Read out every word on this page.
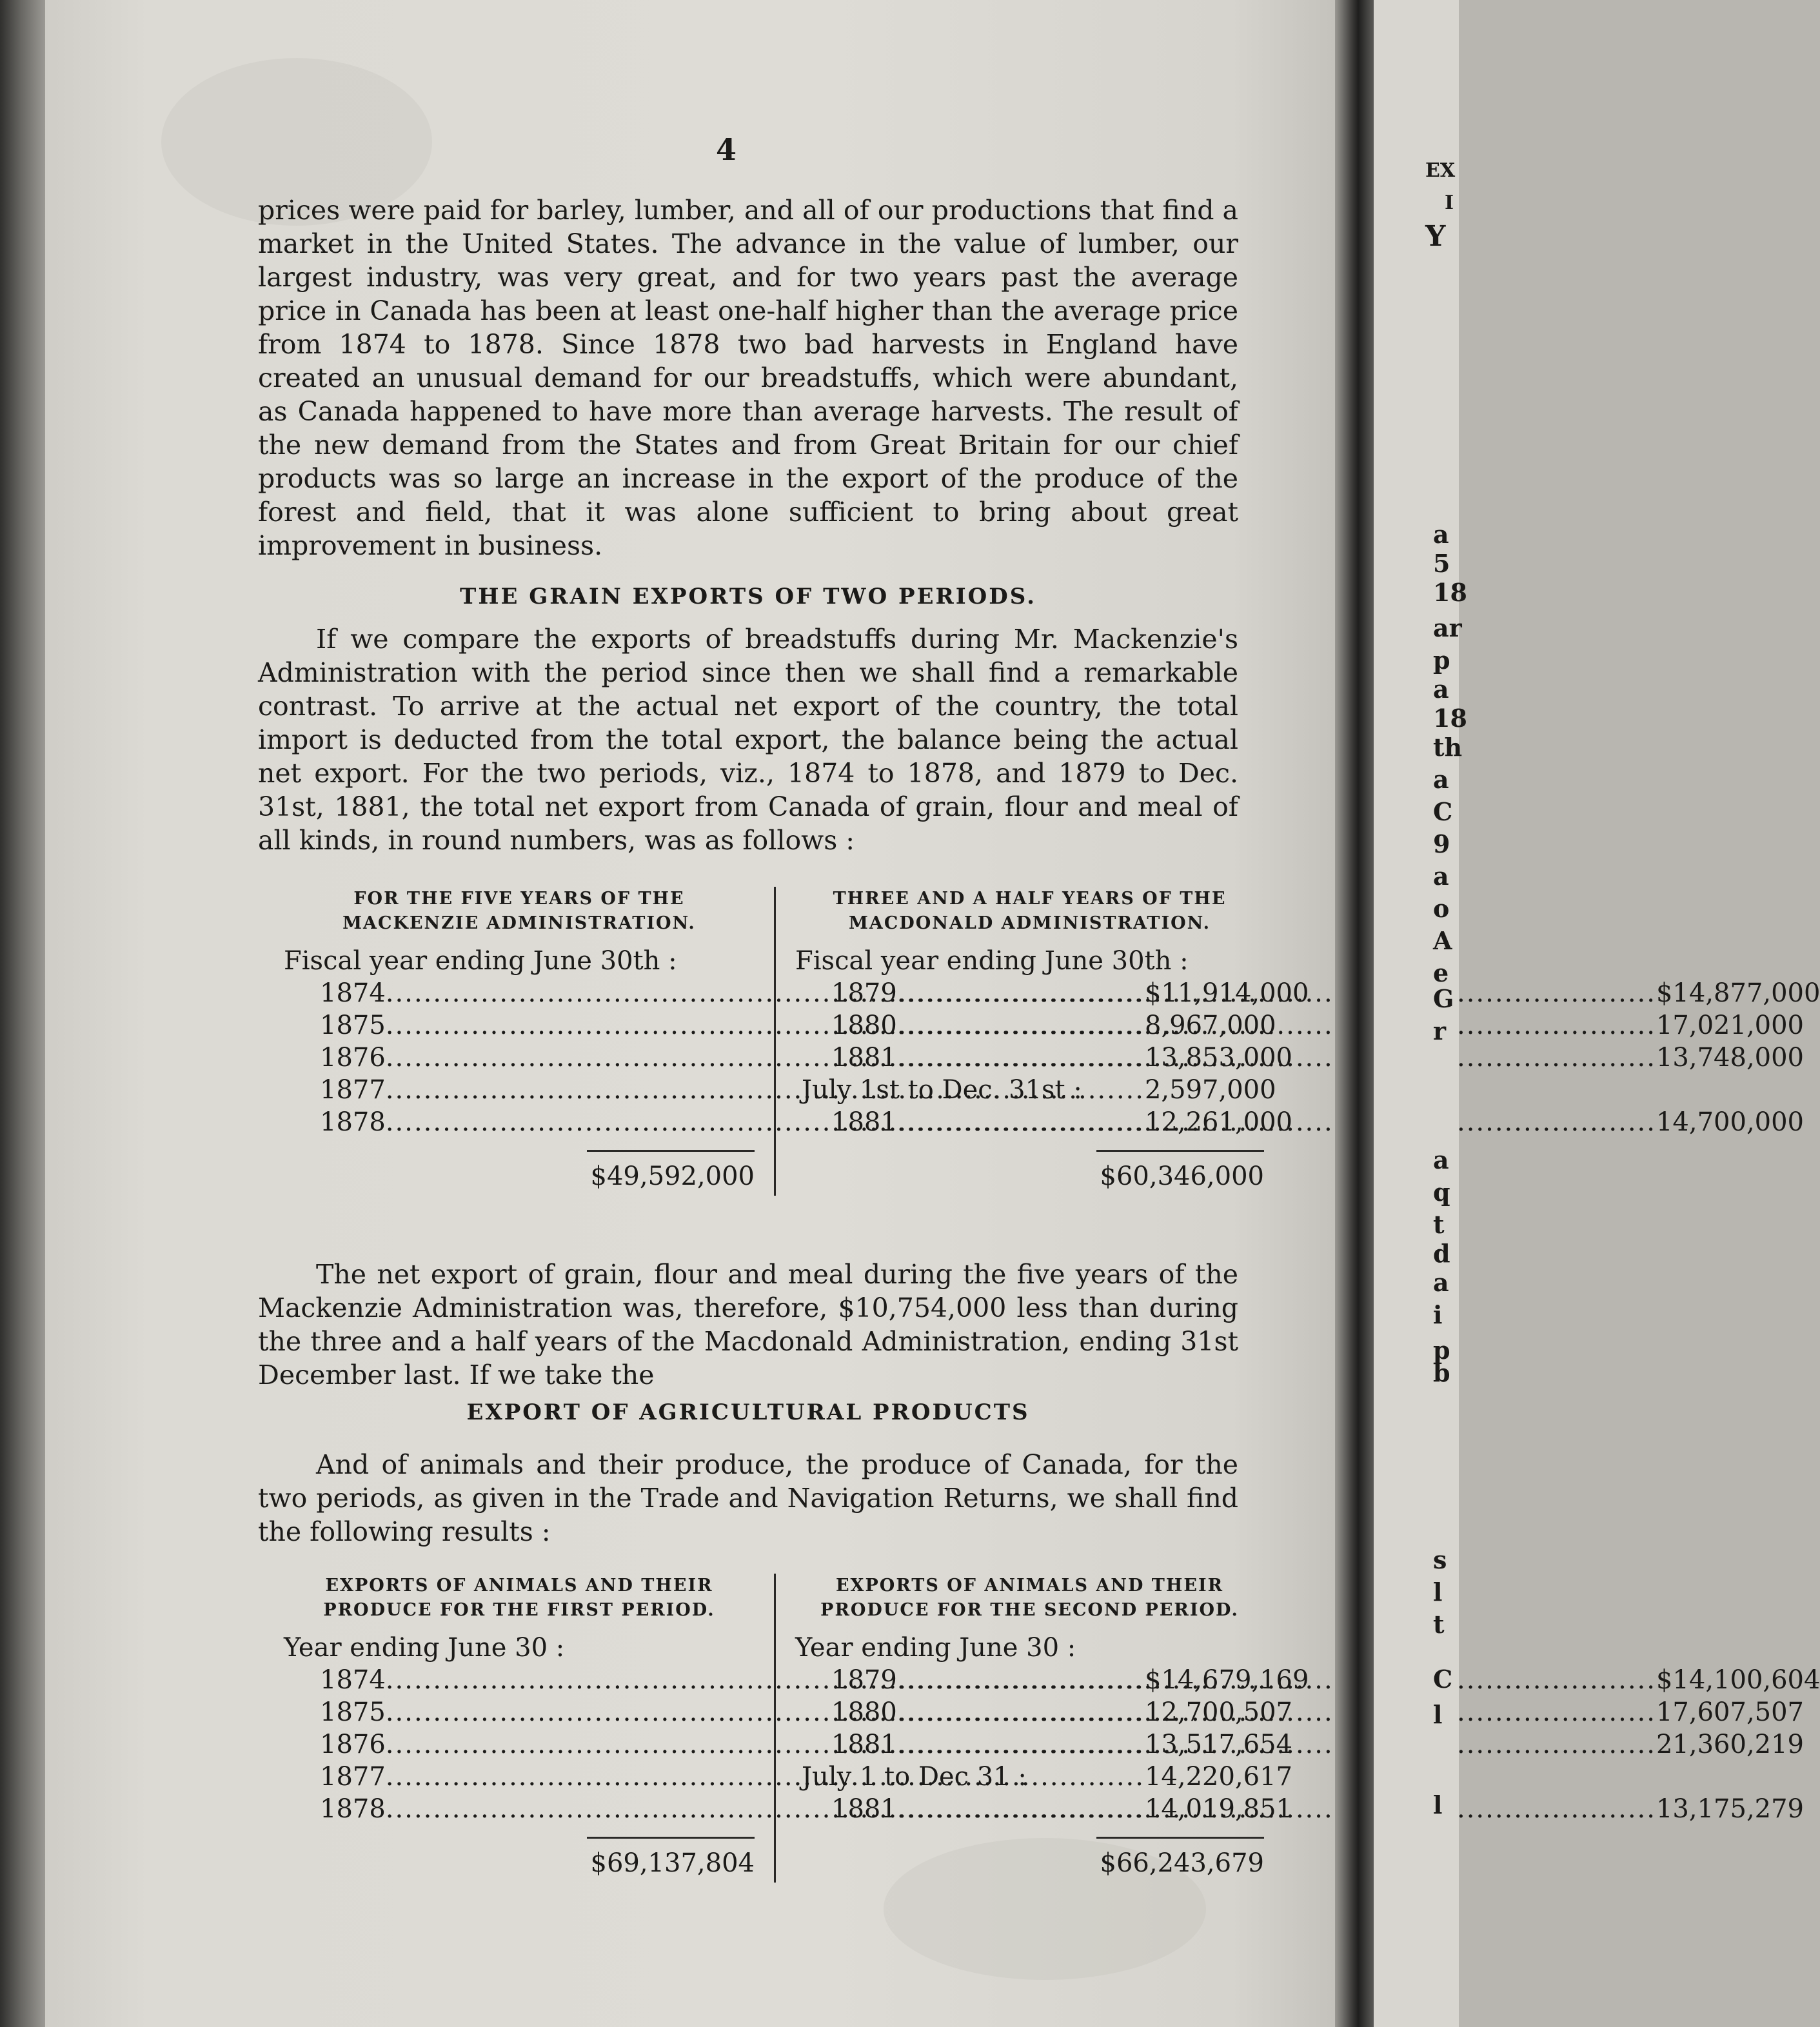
4

prices were paid for barley, lumber, and all of our productions that find a market in the United States. The advance in the value of lumber, our largest industry, was very great, and for two years past the average price in Canada has been at least one-half higher than the average price from 1874 to 1878. Since 1878 two bad harvests in England have created an unusual demand for our breadstuffs, which were abundant, as Canada happened to have more than average harvests. The result of the new demand from the States and from Great Britain for our chief products was so large an increase in the export of the produce of the forest and field, that it was alone sufficient to bring about great improvement in business.

THE GRAIN EXPORTS OF TWO PERIODS.

If we compare the exports of breadstuffs during Mr. Mackenzie's Administration with the period since then we shall find a remarkable contrast. To arrive at the actual net export of the country, the total import is deducted from the total export, the balance being the actual net export. For the two periods, viz., 1874 to 1878, and 1879 to Dec. 31st, 1881, the total net export from Canada of grain, flour and meal of all kinds, in round numbers, was as follows :

FOR THE FIVE YEARS OF THE MACKENZIE ADMINISTRATION.
Fiscal year ending June 30th :
1874 .....	$11,914,000
1875 .....	8,967,000
1876 .....	13,853,000
1877 .....	2,597,000
1878 .....	12,261,000
$49,592,000
THREE AND A HALF YEARS OF THE MACDONALD ADMINISTRATION.
Fiscal year ending June 30th :
1879 .....	$14,877,000
1880 .....	17,021,000
1881 .....	13,748,000
July 1st to Dec. 31st :
1881 .....	14,700,000
$60,346,000

The net export of grain, flour and meal during the five years of the Mackenzie Administration was, therefore, $10,754,000 less than during the three and a half years of the Macdonald Administration, ending 31st December last. If we take the

EXPORT OF AGRICULTURAL PRODUCTS

And of animals and their produce, the produce of Canada, for the two periods, as given in the Trade and Navigation Returns, we shall find the following results :

EXPORTS OF ANIMALS AND THEIR PRODUCE FOR THE FIRST PERIOD.
Year ending June 30 :
1874 .....	$14,679,169
1875 .....	12,700,507
1876 .....	13,517,654
1877 .....	14,220,617
1878 .....	14,019,851
$69,137,804
EXPORTS OF ANIMALS AND THEIR PRODUCE FOR THE SECOND PERIOD.
Year ending June 30 :
1879 .....	$14,100,604
1880 .....	17,607,507
1881 .....	21,360,219
July 1 to Dec 31 :
1881 .....	13,175,279
$66,243,679
EX
I
Y
a
5
18
ar
p
a
18
th
a
C
9
a
o
A
e
G
r
a
q
t
d
a
i
p
b
s
l
t
C
l
l
